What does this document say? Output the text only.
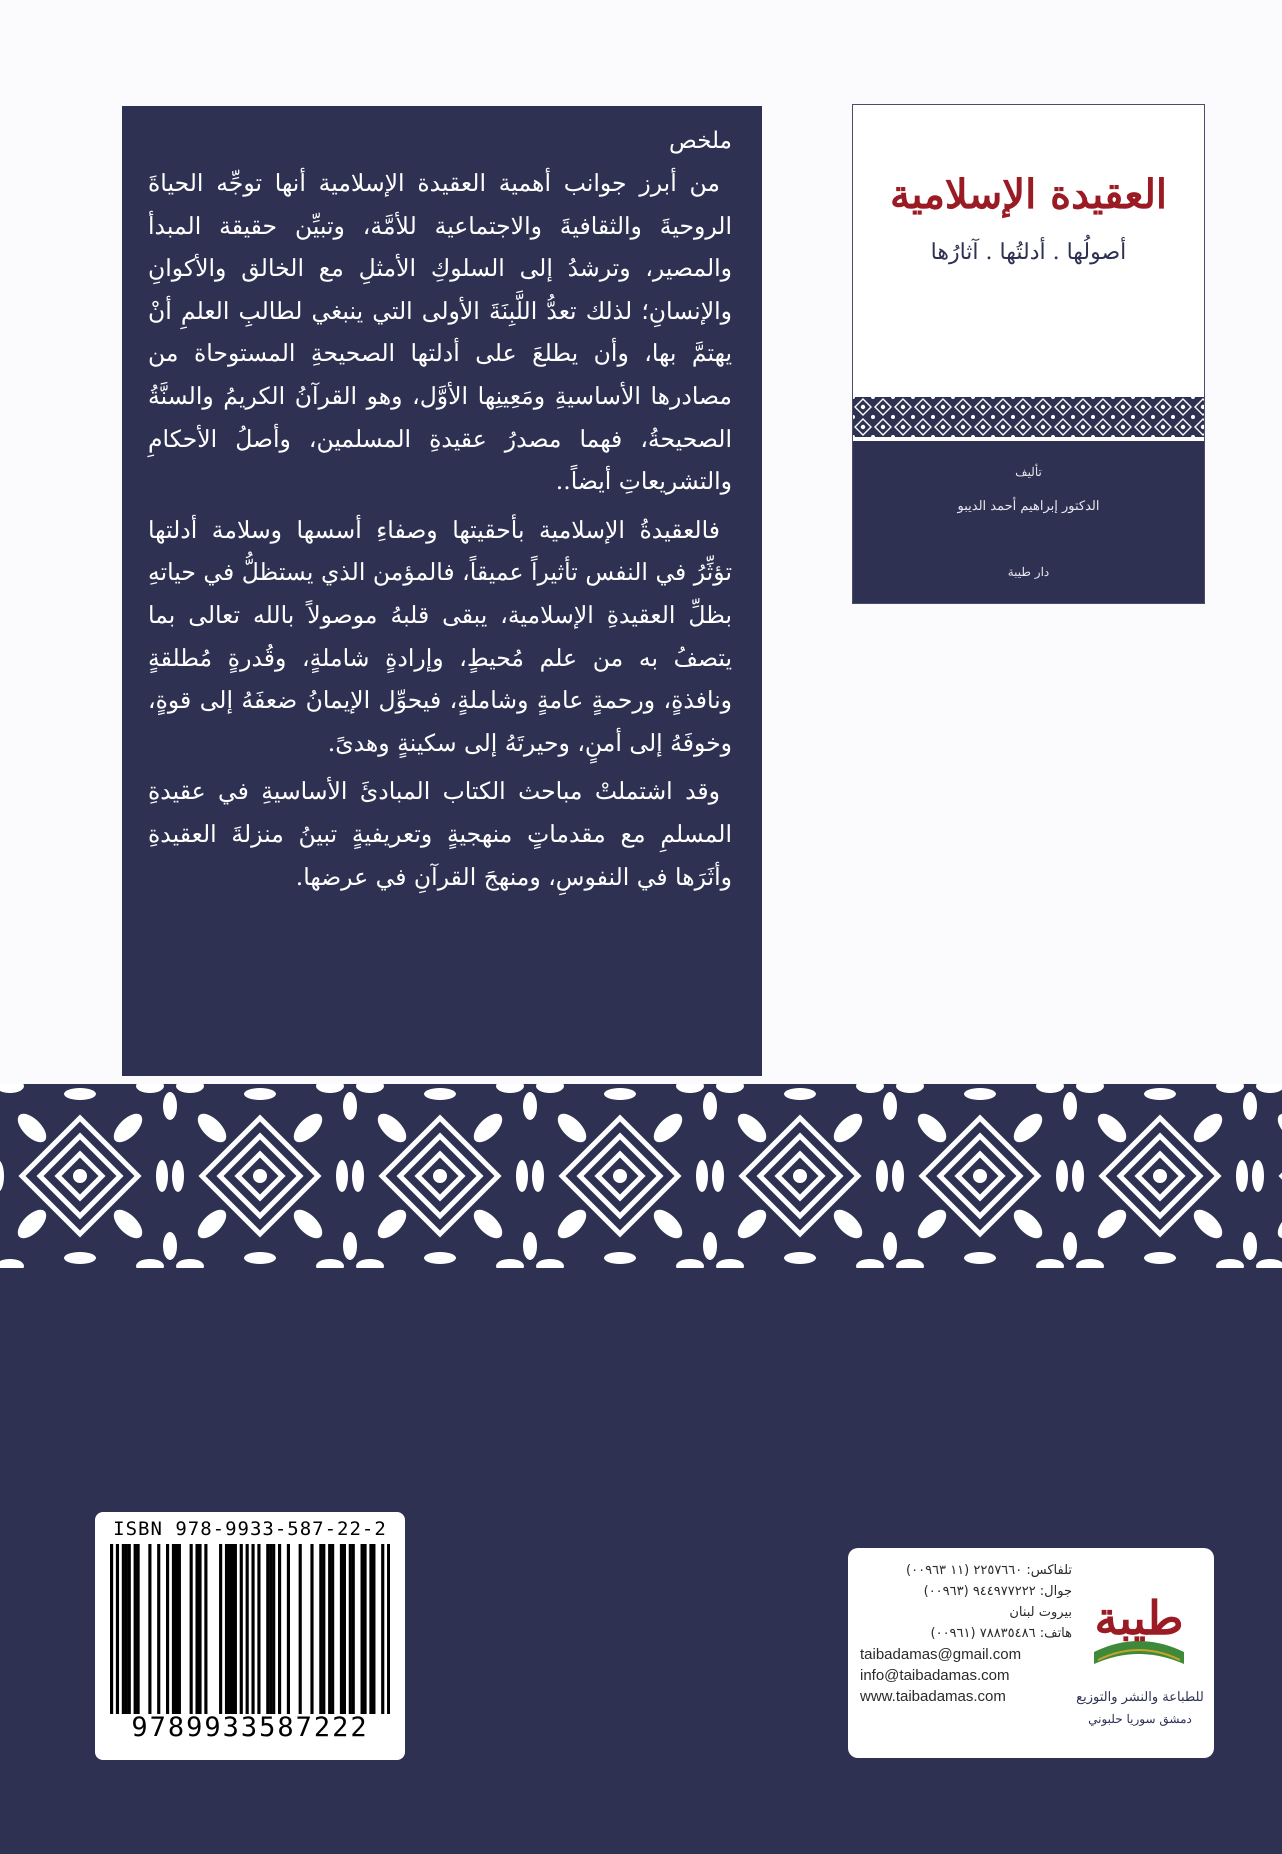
ملخص

من أبرز جوانب أهمية العقيدة الإسلامية أنها توجِّه الحياةَ الروحيةَ والثقافيةَ والاجتماعية للأمَّة، وتبيِّن حقيقة المبدأ والمصير، وترشدُ إلى السلوكِ الأمثلِ مع الخالق والأكوانِ والإنسانِ؛ لذلك تعدُّ اللَّبِنَةَ الأولى التي ينبغي لطالبِ العلمِ أنْ يهتمَّ بها، وأن يطلعَ على أدلتها الصحيحةِ المستوحاة من مصادرها الأساسيةِ ومَعِينِها الأوَّل، وهو القرآنُ الكريمُ والسنَّةُ الصحيحةُ، فهما مصدرُ عقيدةِ المسلمين، وأصلُ الأحكامِ والتشريعاتِ أيضاً..

فالعقيدةُ الإسلامية بأحقيتها وصفاءِ أسسها وسلامة أدلتها تؤثِّرُ في النفس تأثيراً عميقاً، فالمؤمن الذي يستظلُّ في حياتهِ بظلِّ العقيدةِ الإسلامية، يبقى قلبهُ موصولاً بالله تعالى بما يتصفُ به من علم مُحيطٍ، وإرادةٍ شاملةٍ، وقُدرةٍ مُطلقةٍ ونافذةٍ، ورحمةٍ عامةٍ وشاملةٍ، فيحوِّل الإيمانُ ضعفَهُ إلى قوةٍ، وخوفَهُ إلى أمنٍ، وحيرتَهُ إلى سكينةٍ وهدىً.

وقد اشتملتْ مباحث الكتاب المبادئَ الأساسيةِ في عقيدةِ المسلمِ مع مقدماتٍ منهجيةٍ وتعريفيةٍ تبينُ منزلةَ العقيدةِ وأثَرَها في النفوسِ، ومنهجَ القرآنِ في عرضها.

العقيدة الإسلامية
أصولُها . أدلتُها . آثارُها
تأليف
الدكتور إبراهيم أحمد الديبو
دار طيبة
ISBN 978-9933-587-22-2
9789933587222
تلفاكس: ٢٢٥٧٦٦٠ (١١ ٠٠٩٦٣)
جوال: ٩٤٤٩٧٧٢٢٢ (٠٠٩٦٣)
بيروت لبنان
هاتف: ٧٨٨٣٥٤٨٦ (٠٠٩٦١)
taibadamas@gmail.com
info@taibadamas.com
www.taibadamas.com
طيبة
للطباعة والنشر والتوزيع
دمشق سوريا حلبوني
